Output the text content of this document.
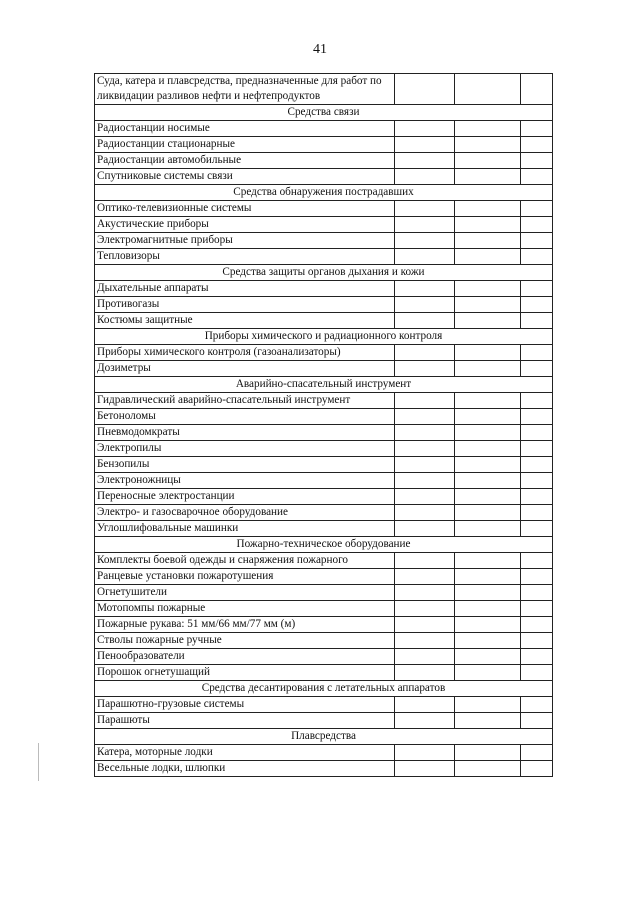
41
Суда, катера и плавсредства, предназначенные для работ по ликвидации разливов нефти и нефтепродуктов			
Средства связи			
Радиостанции носимые			
Радиостанции стационарные			
Радиостанции автомобильные			
Спутниковые системы связи			
Средства обнаружения пострадавших			
Оптико-телевизионные системы			
Акустические приборы			
Электромагнитные приборы			
Тепловизоры			
Средства защиты органов дыхания и кожи			
Дыхательные аппараты			
Противогазы			
Костюмы защитные			
Приборы химического и радиационного контроля			
Приборы химического контроля (газоанализаторы)			
Дозиметры			
Аварийно-спасательный инструмент			
Гидравлический аварийно-спасательный инструмент			
Бетоноломы			
Пневмодомкраты			
Электропилы			
Бензопилы			
Электроножницы			
Переносные электростанции			
Электро- и газосварочное оборудование			
Углошлифовальные машинки			
Пожарно-техническое оборудование			
Комплекты боевой одежды и снаряжения пожарного			
Ранцевые установки пожаротушения			
Огнетушители			
Мотопомпы пожарные			
Пожарные рукава: 51 мм/66 мм/77 мм (м)			
Стволы пожарные ручные			
Пенообразователи			
Порошок огнетушащий			
Средства десантирования с летательных аппаратов			
Парашютно-грузовые системы			
Парашюты			
Плавсредства			
Катера, моторные лодки			
Весельные лодки, шлюпки			
